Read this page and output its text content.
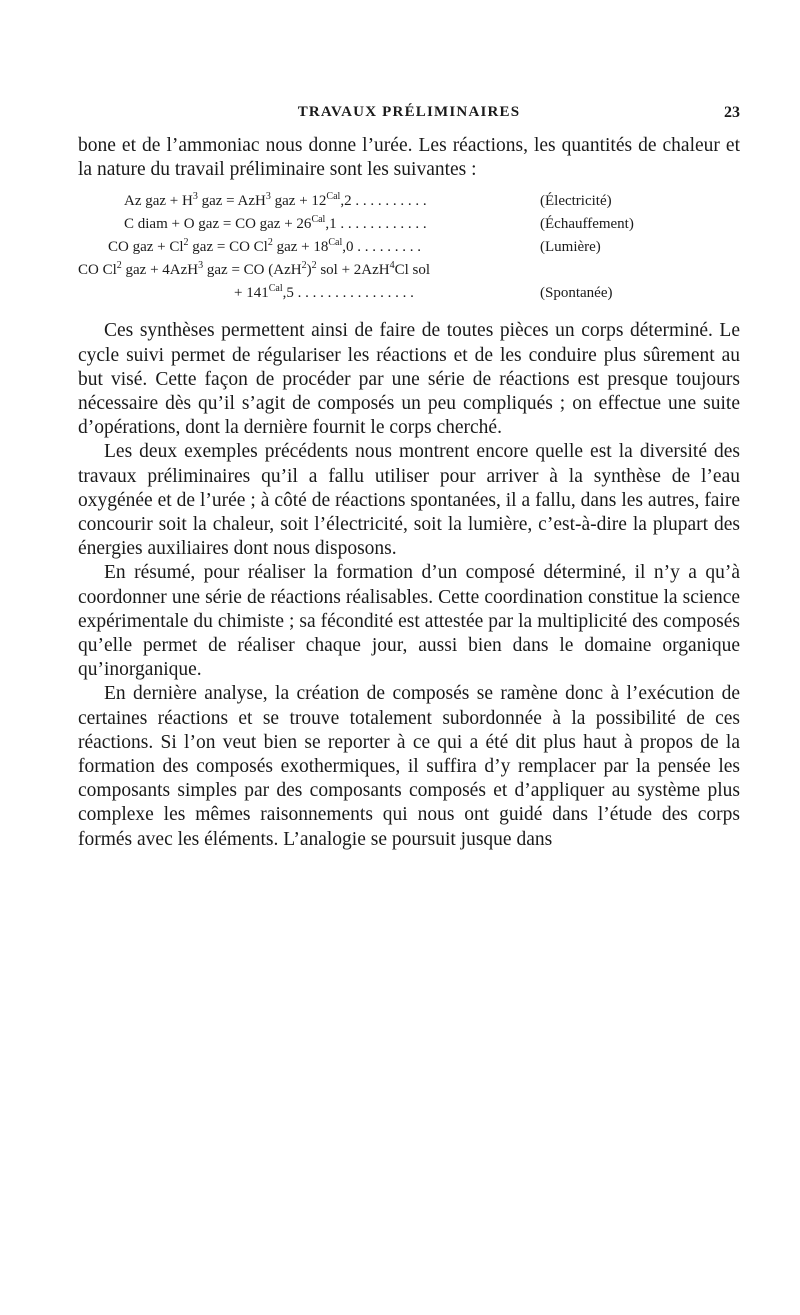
TRAVAUX PRÉLIMINAIRES	23

bone et de l’ammoniac nous donne l’urée. Les réactions, les quantités de chaleur et la nature du travail préliminaire sont les suivantes :

Az gaz + $H^3$ gaz = AzH$^3$ gaz + $12^{Cal},2$ . . . . . . . . . .	(Électricité)
C diam + O gaz = CO gaz + $26^{Cal},1$ . . . . . . . . . . . .	(Échauffement)
CO gaz + $Cl^2$ gaz = CO Cl$^2$ gaz + $18^{Cal},0$ . . . . . . . . .	(Lumière)
CO Cl$^2$ gaz + 4AzH$^3$ gaz = CO $(AzH^2)^2$ sol + 2AzH$^4$Cl sol
+ $141^{Cal},5$ . . . . . . . . . . . . . . . .	(Spontanée)

Ces synthèses permettent ainsi de faire de toutes pièces un corps déterminé. Le cycle suivi permet de régulariser les réactions et de les conduire plus sûrement au but visé. Cette façon de procéder par une série de réactions est presque toujours nécessaire dès qu’il s’agit de composés un peu compliqués ; on effectue une suite d’opérations, dont la dernière fournit le corps cherché.

Les deux exemples précédents nous montrent encore quelle est la diversité des travaux préliminaires qu’il a fallu utiliser pour arriver à la synthèse de l’eau oxygénée et de l’urée ; à côté de réactions spontanées, il a fallu, dans les autres, faire concourir soit la chaleur, soit l’électricité, soit la lumière, c’est-à-dire la plupart des énergies auxiliaires dont nous disposons.

En résumé, pour réaliser la formation d’un composé déterminé, il n’y a qu’à coordonner une série de réactions réalisables. Cette coordination constitue la science expérimentale du chimiste ; sa fécondité est attestée par la multiplicité des composés qu’elle permet de réaliser chaque jour, aussi bien dans le domaine organique qu’inorganique.

En dernière analyse, la création de composés se ramène donc à l’exécution de certaines réactions et se trouve totalement subordonnée à la possibilité de ces réactions. Si l’on veut bien se reporter à ce qui a été dit plus haut à propos de la formation des composés exothermiques, il suffira d’y remplacer par la pensée les composants simples par des composants composés et d’appliquer au système plus complexe les mêmes raisonnements qui nous ont guidé dans l’étude des corps formés avec les éléments. L’analogie se poursuit jusque dans
